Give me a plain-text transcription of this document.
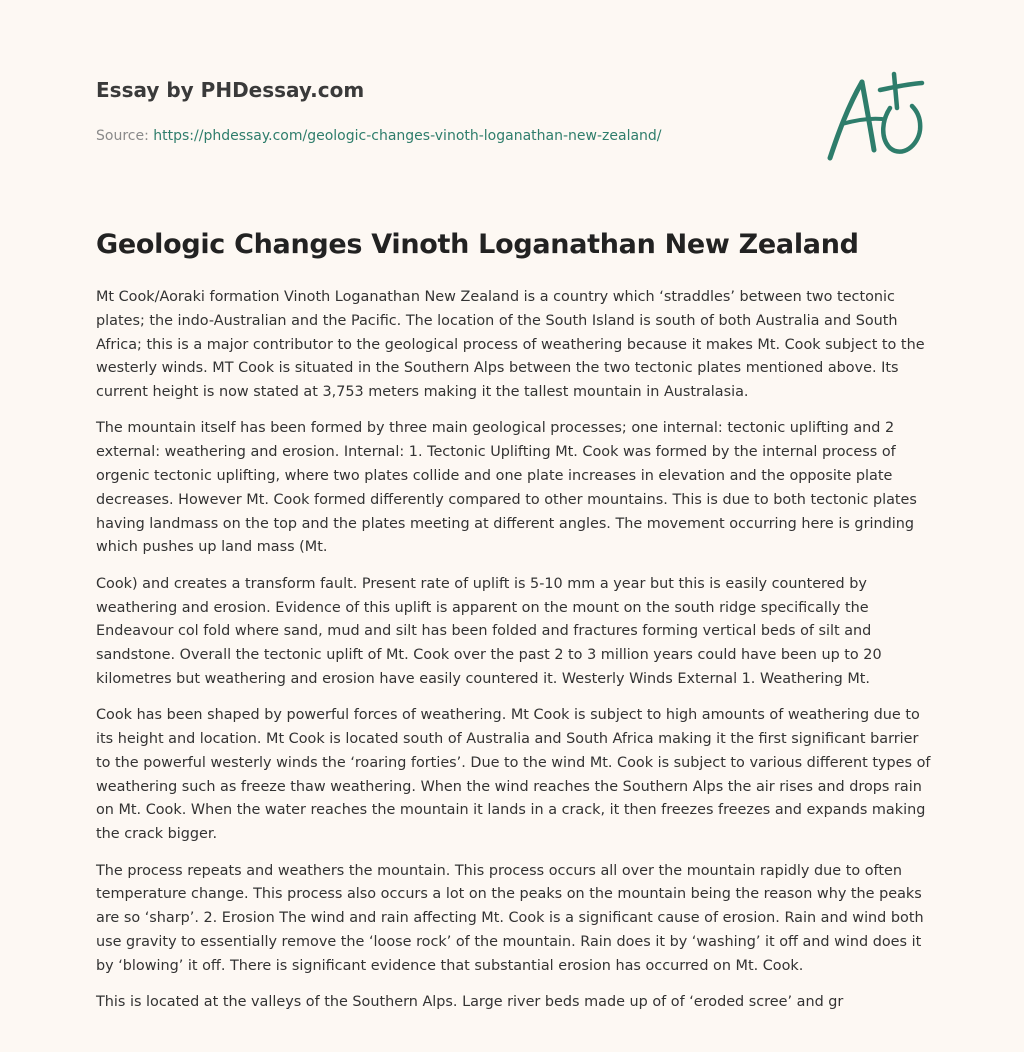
Essay by PHDessay.com
Source: https://phdessay.com/geologic-changes-vinoth-loganathan-new-zealand/
Geologic Changes Vinoth Loganathan New Zealand

Mt Cook/Aoraki formation Vinoth Loganathan New Zealand is a country which ‘straddles’ between two tectonic plates; the indo-Australian and the Pacific. The location of the South Island is south of both Australia and South Africa; this is a major contributor to the geological process of weathering because it makes Mt. Cook subject to the westerly winds. MT Cook is situated in the Southern Alps between the two tectonic plates mentioned above. Its current height is now stated at 3,753 meters making it the tallest mountain in Australasia.

The mountain itself has been formed by three main geological processes; one internal: tectonic uplifting and 2 external: weathering and erosion. Internal: 1. Tectonic Uplifting Mt. Cook was formed by the internal process of orgenic tectonic uplifting, where two plates collide and one plate increases in elevation and the opposite plate decreases. However Mt. Cook formed differently compared to other mountains. This is due to both tectonic plates having landmass on the top and the plates meeting at different angles. The movement occurring here is grinding which pushes up land mass (Mt.

Cook) and creates a transform fault. Present rate of uplift is 5-10 mm a year but this is easily countered by weathering and erosion. Evidence of this uplift is apparent on the mount on the south ridge specifically the Endeavour col fold where sand, mud and silt has been folded and fractures forming vertical beds of silt and sandstone. Overall the tectonic uplift of Mt. Cook over the past 2 to 3 million years could have been up to 20 kilometres but weathering and erosion have easily countered it. Westerly Winds External 1. Weathering Mt.

Cook has been shaped by powerful forces of weathering. Mt Cook is subject to high amounts of weathering due to its height and location. Mt Cook is located south of Australia and South Africa making it the first significant barrier to the powerful westerly winds the ‘roaring forties’. Due to the wind Mt. Cook is subject to various different types of weathering such as freeze thaw weathering. When the wind reaches the Southern Alps the air rises and drops rain on Mt. Cook. When the water reaches the mountain it lands in a crack, it then freezes freezes and expands making the crack bigger.

The process repeats and weathers the mountain. This process occurs all over the mountain rapidly due to often temperature change. This process also occurs a lot on the peaks on the mountain being the reason why the peaks are so ‘sharp’. 2. Erosion The wind and rain affecting Mt. Cook is a significant cause of erosion. Rain and wind both use gravity to essentially remove the ‘loose rock’ of the mountain. Rain does it by ‘washing’ it off and wind does it by ‘blowing’ it off. There is significant evidence that substantial erosion has occurred on Mt. Cook.

This is located at the valleys of the Southern Alps. Large river beds made up of of ‘eroded scree’ and gr
